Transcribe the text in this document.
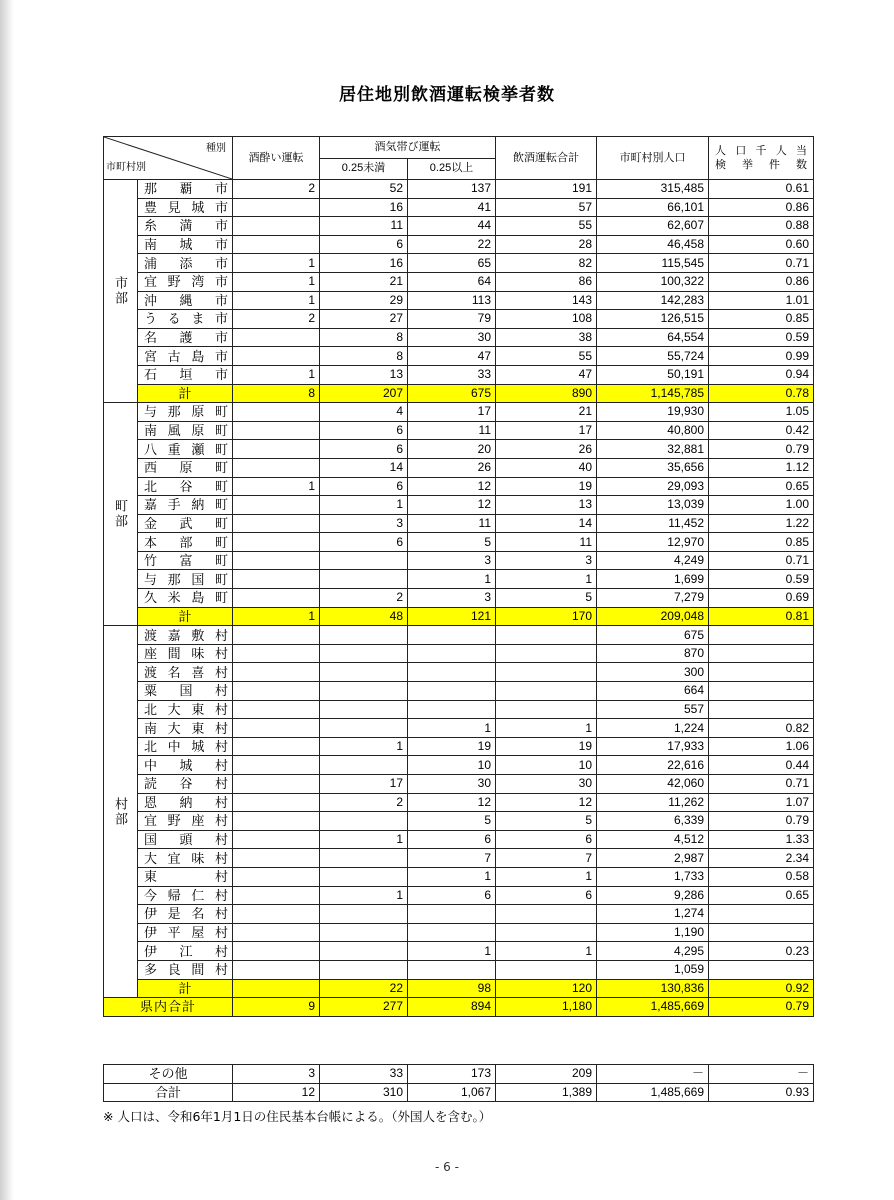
居住地別飲酒運転検挙者数
種別
市町村別		酒酔い運転	酒気帯び運転		飲酒運転合計	市町村別人口	人口千人当
検挙件数

			0.25未満	0.25以上			
市部	那覇市	2	52	137	191	315,485	0.61
	豊見城市		16	41	57	66,101	0.86
	糸満市		11	44	55	62,607	0.88
	南城市		6	22	28	46,458	0.60
	浦添市	1	16	65	82	115,545	0.71
	宜野湾市	1	21	64	86	100,322	0.86
	沖縄市	1	29	113	143	142,283	1.01
	うるま市	2	27	79	108	126,515	0.85
	名護市		8	30	38	64,554	0.59
	宮古島市		8	47	55	55,724	0.99
	石垣市	1	13	33	47	50,191	0.94
	計	8	207	675	890	1,145,785	0.78
町部	与那原町		4	17	21	19,930	1.05
	南風原町		6	11	17	40,800	0.42
	八重瀬町		6	20	26	32,881	0.79
	西原町		14	26	40	35,656	1.12
	北谷町	1	6	12	19	29,093	0.65
	嘉手納町		1	12	13	13,039	1.00
	金武町		3	11	14	11,452	1.22
	本部町		6	5	11	12,970	0.85
	竹富町			3	3	4,249	0.71
	与那国町			1	1	1,699	0.59
	久米島町		2	3	5	7,279	0.69
	計	1	48	121	170	209,048	0.81
村部	渡嘉敷村					675	
	座間味村					870	
	渡名喜村					300	
	粟国村					664	
	北大東村					557	
	南大東村			1	1	1,224	0.82
	北中城村		1	19	19	17,933	1.06
	中城村			10	10	22,616	0.44
	読谷村		17	30	30	42,060	0.71
	恩納村		2	12	12	11,262	1.07
	宜野座村			5	5	6,339	0.79
	国頭村		1	6	6	4,512	1.33
	大宜味村			7	7	2,987	2.34
	東村			1	1	1,733	0.58
	今帰仁村		1	6	6	9,286	0.65
	伊是名村					1,274	
	伊平屋村					1,190	
	伊江村			1	1	4,295	0.23
	多良間村					1,059	
	計		22	98	120	130,836	0.92
県内合計		9	277	894	1,180	1,485,669	0.79
その他	3	33	173	209	－	－
合計	12	310	1,067	1,389	1,485,669	0.93
※ 人口は、令和6年1月1日の住民基本台帳による。（外国人を含む。）
- 6 -
